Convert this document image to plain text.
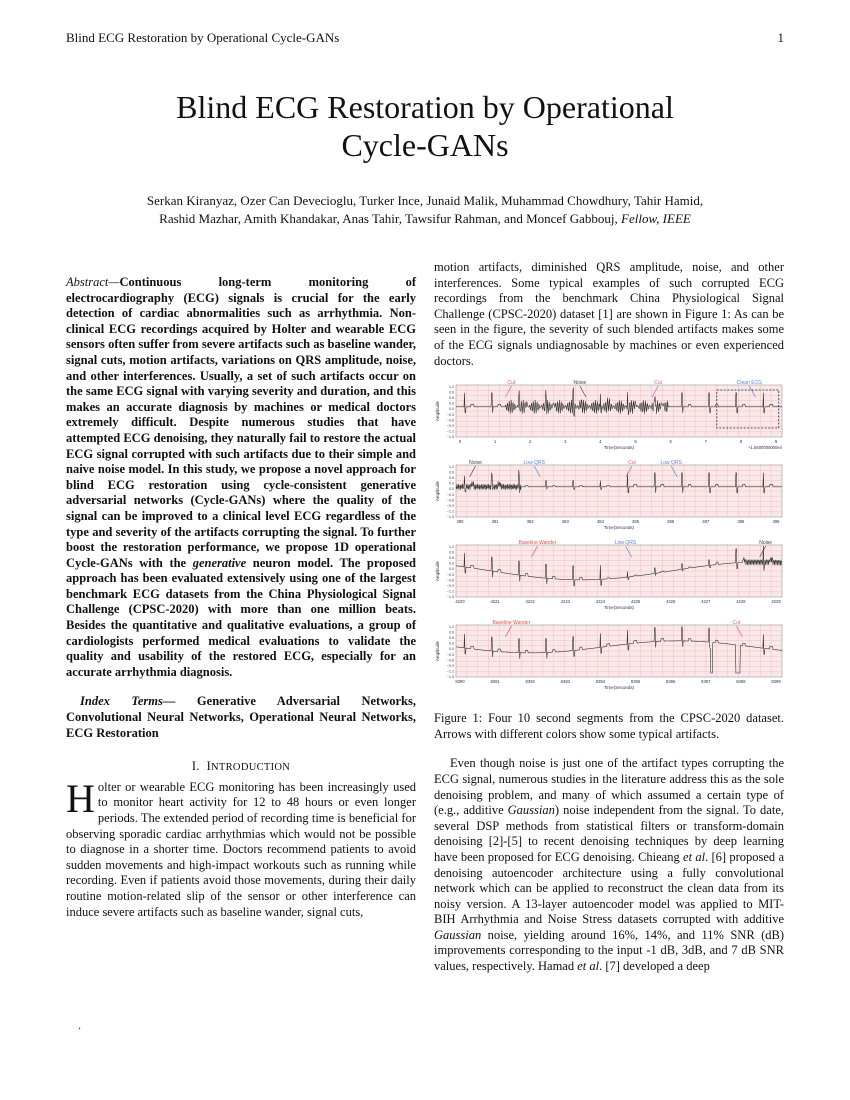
Blind ECG Restoration by Operational Cycle-GANs	1
Blind ECG Restoration by Operational
Cycle-GANs
Serkan Kiranyaz, Ozer Can Devecioglu, Turker Ince, Junaid Malik, Muhammad Chowdhury, Tahir Hamid,
Rashid Mazhar, Amith Khandakar, Anas Tahir, Tawsifur Rahman, and Moncef Gabbouj, Fellow, IEEE

Abstract—Continuous long-term monitoring of electrocardiography (ECG) signals is crucial for the early detection of cardiac abnormalities such as arrhythmia. Non-clinical ECG recordings acquired by Holter and wearable ECG sensors often suffer from severe artifacts such as baseline wander, signal cuts, motion artifacts, variations on QRS amplitude, noise, and other interferences. Usually, a set of such artifacts occur on the same ECG signal with varying severity and duration, and this makes an accurate diagnosis by machines or medical doctors extremely difficult. Despite numerous studies that have attempted ECG denoising, they naturally fail to restore the actual ECG signal corrupted with such artifacts due to their simple and naive noise model. In this study, we propose a novel approach for blind ECG restoration using cycle-consistent generative adversarial networks (Cycle-GANs) where the quality of the signal can be improved to a clinical level ECG regardless of the type and severity of the artifacts corrupting the signal. To further boost the restoration performance, we propose 1D operational Cycle-GANs with the generative neuron model. The proposed approach has been evaluated extensively using one of the largest benchmark ECG datasets from the China Physiological Signal Challenge (CPSC-2020) with more than one million beats. Besides the quantitative and qualitative evaluations, a group of cardiologists performed medical evaluations to validate the quality and usability of the restored ECG, especially for an accurate arrhythmia diagnosis.

Index Terms— Generative Adversarial Networks, Convolutional Neural Networks, Operational Neural Networks, ECG Restoration

I. INTRODUCTION

Holter or wearable ECG monitoring has been increasingly used to monitor heart activity for 12 to 48 hours or even longer periods. The extended period of recording time is beneficial for observing sporadic cardiac arrhythmias which would not be possible to diagnose in a shorter time. Doctors recommend patients to avoid sudden movements and high-impact workouts such as running while recording. Even if patients avoid those movements, during their daily routine motion-related slip of the sensor or other interference can induce severe artifacts such as baseline wander, signal cuts,

motion artifacts, diminished QRS amplitude, noise, and other interferences. Some typical examples of such corrupted ECG recordings from the benchmark China Physiological Signal Challenge (CPSC-2020) dataset [1] are shown in Figure 1: As can be seen in the figure, the severity of such blended artifacts makes some of the ECG signals undiagnosable by machines or even experienced doctors.

1.2
0.9
0.6
0.3
0.0
−0.3
−0.6
−0.9
−1.2
−1.5
Amplitude
0	1	2	3	4	5	6	7	8	9
Time(Seconds)	+1.6600000000e4
Cut	Noise	Cut	Clean ECG
1.2
0.9
0.6
0.3
0.0
−0.3
−0.6
−0.9
−1.2
−1.5
Amplitude
380	381	382	383	384	385	386	387	388	389
Time(Seconds)
Noise	Low QRS	Cut	Low QRS
1.2
0.9
0.6
0.3
0.0
−0.3
−0.6
−0.9
−1.2
−1.5
Amplitude
4220	4221	4222	4223	4224	4225	4226	4227	4228	4229
Time(Seconds)
Baseline Wander	Low QRS	Noise
1.2
0.9
0.6
0.3
0.0
−0.3
−0.6
−0.9
−1.2
−1.5
Amplitude
8390	8391	8392	8393	8394	8395	8396	8397	8398	8399
Time(Seconds)
Baseline Wander	Cut
Figure 1: Four 10 second segments from the CPSC-2020 dataset. Arrows with different colors show some typical artifacts.

Even though noise is just one of the artifact types corrupting the ECG signal, numerous studies in the literature address this as the sole denoising problem, and many of which assumed a certain type of (e.g., additive Gaussian) noise independent from the signal. To date, several DSP methods from statistical filters or transform-domain denoising [2]-[5] to recent denoising techniques by deep learning have been proposed for ECG denoising. Chieang et al. [6] proposed a denoising autoencoder architecture using a fully convolutional network which can be applied to reconstruct the clean data from its noisy version. A 13-layer autoencoder model was applied to MIT-BIH Arrhythmia and Noise Stress datasets corrupted with additive Gaussian noise, yielding around 16%, 14%, and 11% SNR (dB) improvements corresponding to the input -1 dB, 3dB, and 7 dB SNR values, respectively. Hamad et al. [7] developed a deep

.
